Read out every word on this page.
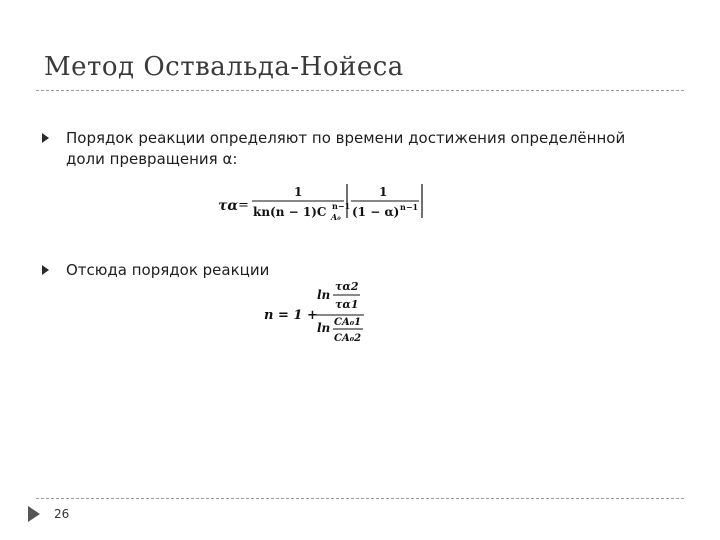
Метод Оствальда-Нойеса
Порядок реакции определяют по времени достижения определённой доли превращения α:
τα =
1
kn(n − 1)C n−1
A₀
1
(1 − α) n−1
Отсюда порядок реакции
n = 1 +
ln
τα2
τα1
ln CA₀1
CA₀2
26
